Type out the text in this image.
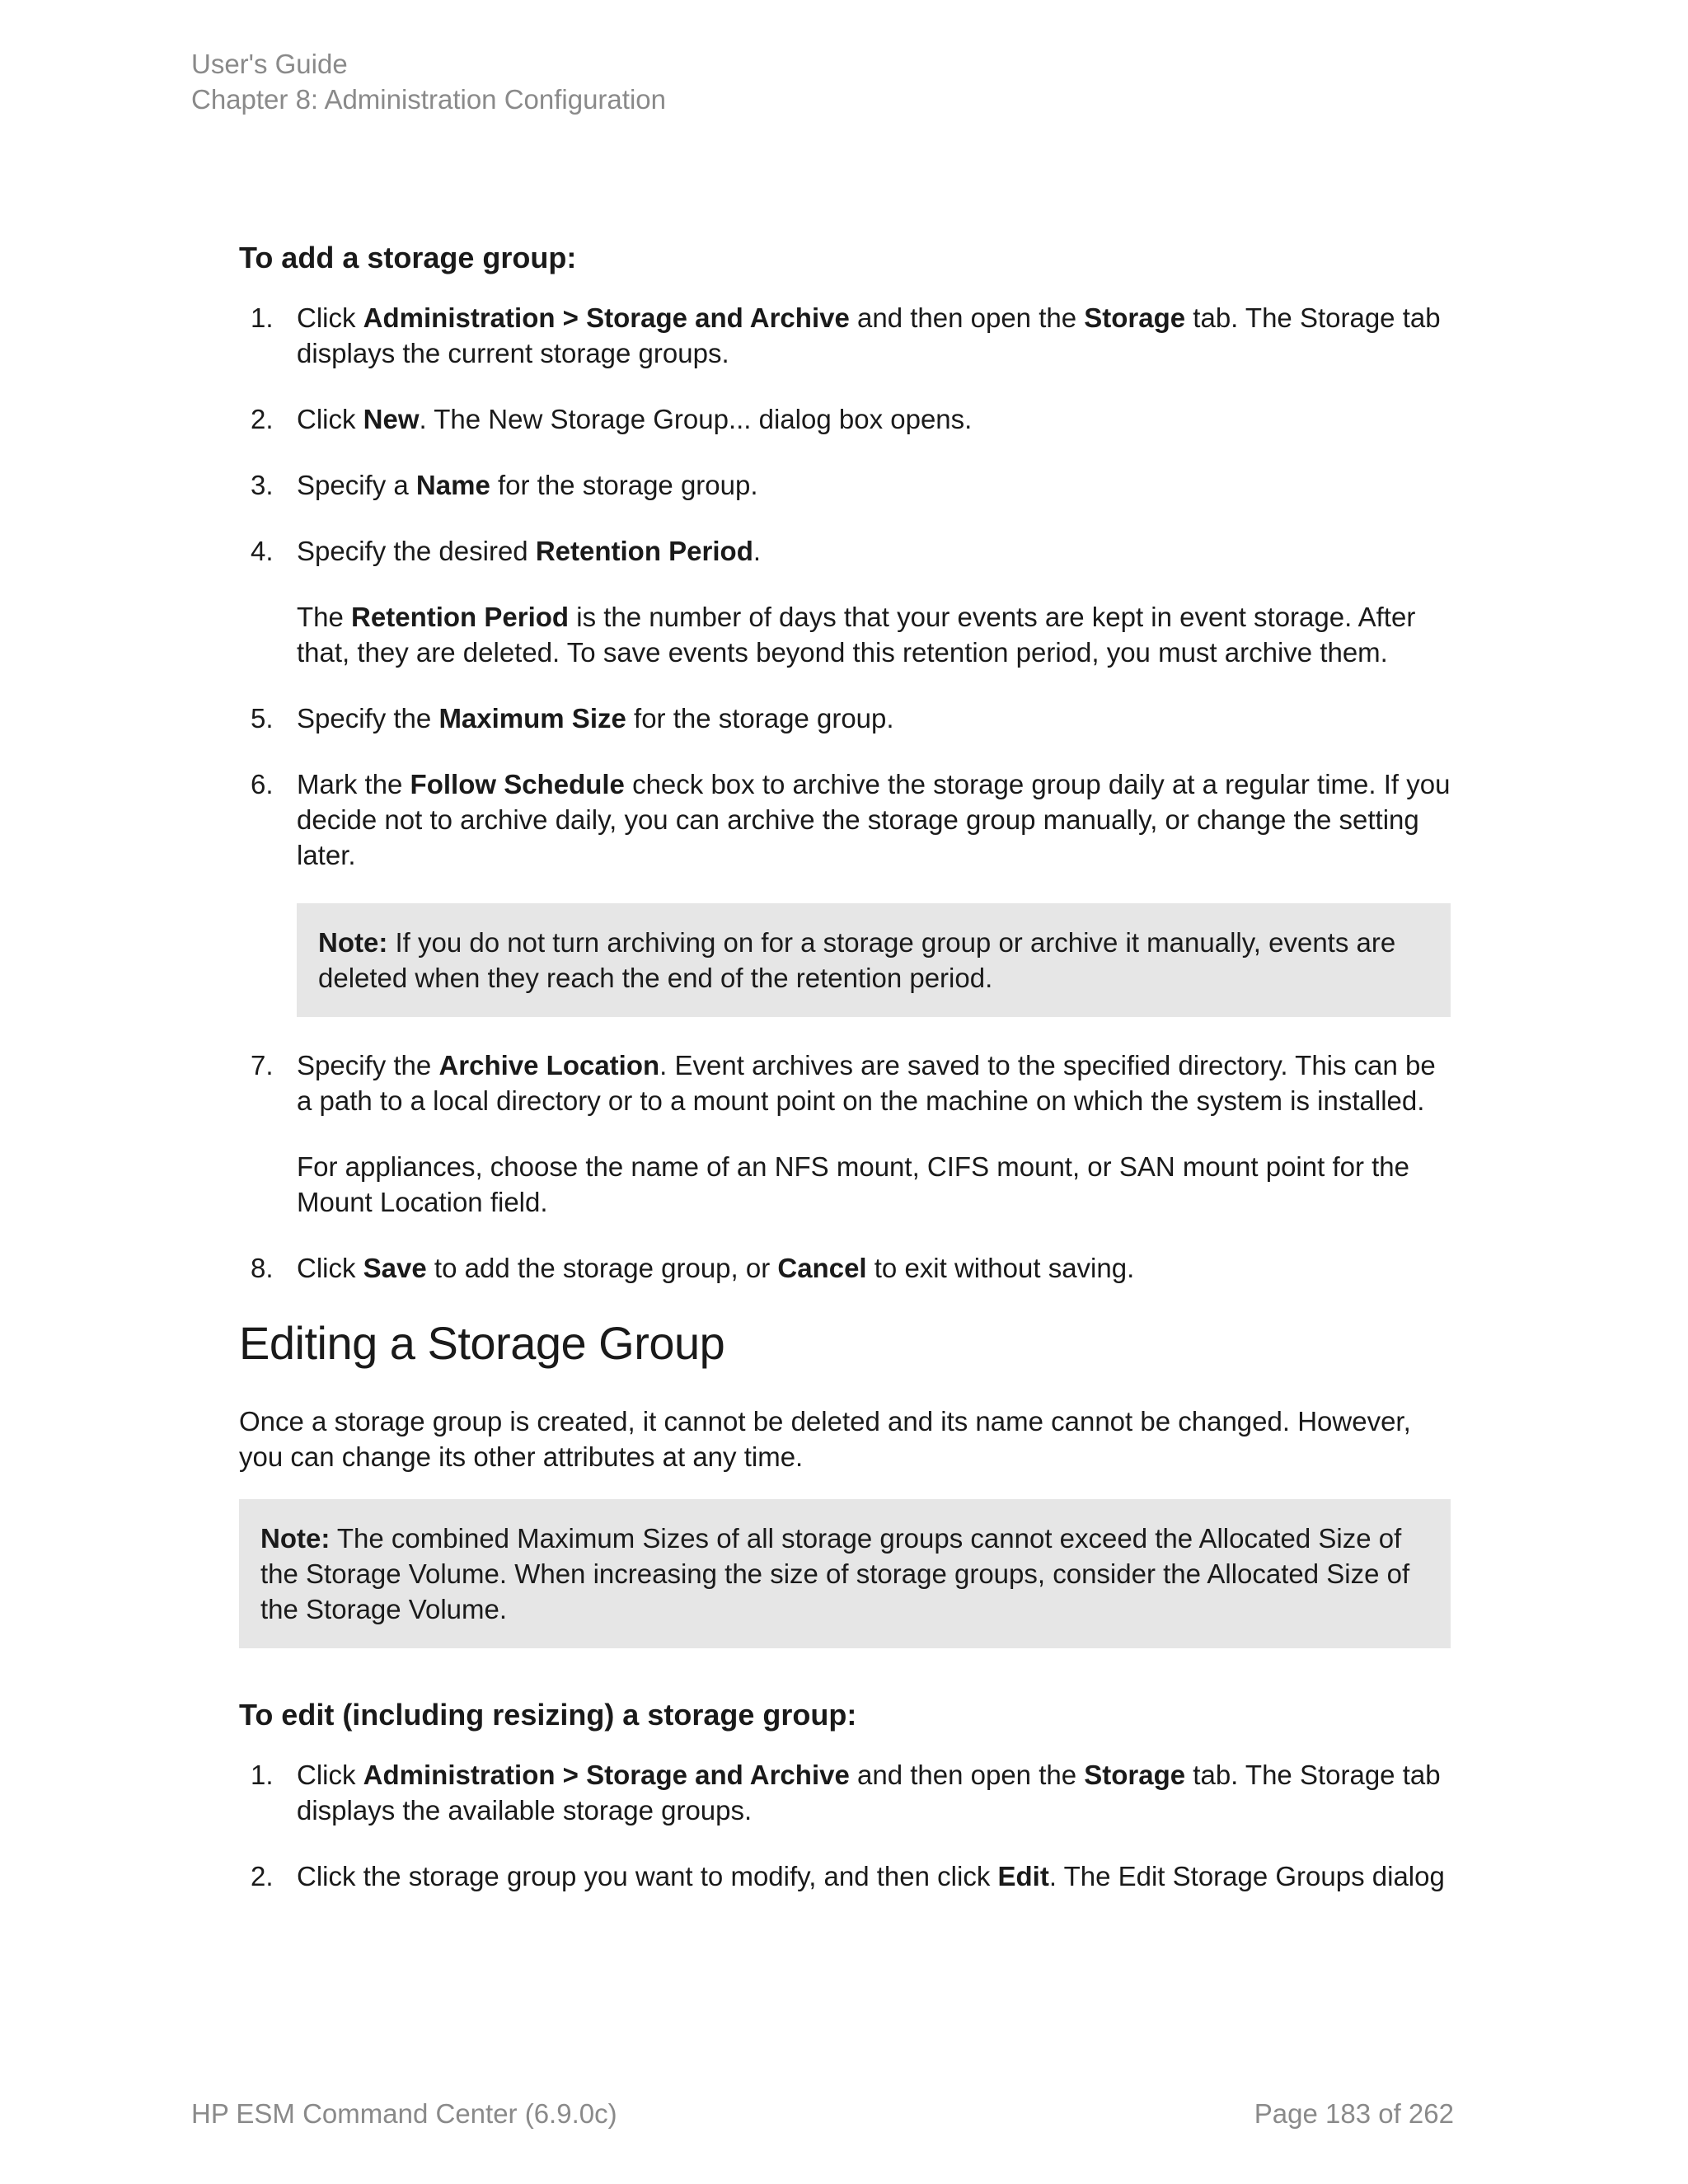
User's Guide
Chapter 8: Administration Configuration
To add a storage group:
1. Click Administration > Storage and Archive and then open the Storage tab. The Storage tab displays the current storage groups.

2. Click New. The New Storage Group... dialog box opens.

3. Specify a Name for the storage group.

4. Specify the desired Retention Period.

The Retention Period is the number of days that your events are kept in event storage. After that, they are deleted. To save events beyond this retention period, you must archive them.

5. Specify the Maximum Size for the storage group.

6. Mark the Follow Schedule check box to archive the storage group daily at a regular time. If you decide not to archive daily, you can archive the storage group manually, or change the setting later.

Note: If you do not turn archiving on for a storage group or archive it manually, events are deleted when they reach the end of the retention period.
7. Specify the Archive Location. Event archives are saved to the specified directory. This can be a path to a local directory or to a mount point on the machine on which the system is installed.

For appliances, choose the name of an NFS mount, CIFS mount, or SAN mount point for the Mount Location field.

8. Click Save to add the storage group, or Cancel to exit without saving.

Editing a Storage Group

Once a storage group is created, it cannot be deleted and its name cannot be changed. However, you can change its other attributes at any time.

Note: The combined Maximum Sizes of all storage groups cannot exceed the Allocated Size of the Storage Volume. When increasing the size of storage groups, consider the Allocated Size of the Storage Volume.
To edit (including resizing) a storage group:
1. Click Administration > Storage and Archive and then open the Storage tab. The Storage tab displays the available storage groups.

2. Click the storage group you want to modify, and then click Edit. The Edit Storage Groups dialog

HP ESM Command Center (6.9.0c)	Page 183 of 262
